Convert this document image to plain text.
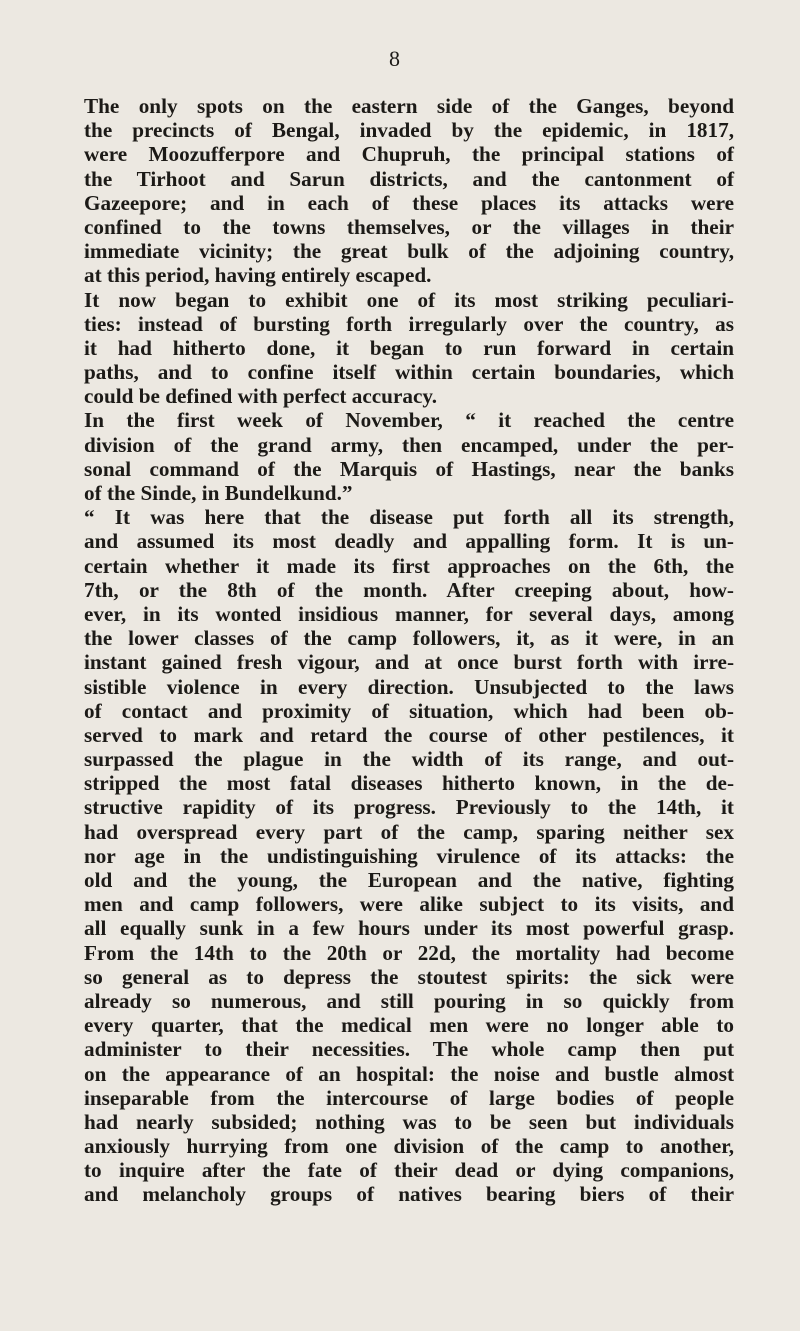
8
The only spots on the eastern side of the Ganges, beyond
the precincts of Bengal, invaded by the epidemic, in 1817,
were Moozufferpore and Chupruh, the principal stations of
the Tirhoot and Sarun districts, and the cantonment of
Gazeepore; and in each of these places its attacks were
confined to the towns themselves, or the villages in their
immediate vicinity; the great bulk of the adjoining country,
at this period, having entirely escaped.
It now began to exhibit one of its most striking peculiari-
ties: instead of bursting forth irregularly over the country, as
it had hitherto done, it began to run forward in certain
paths, and to confine itself within certain boundaries, which
could be defined with perfect accuracy.
In the first week of November, “ it reached the centre
division of the grand army, then encamped, under the per-
sonal command of the Marquis of Hastings, near the banks
of the Sinde, in Bundelkund.”
“ It was here that the disease put forth all its strength,
and assumed its most deadly and appalling form. It is un-
certain whether it made its first approaches on the 6th, the
7th, or the 8th of the month. After creeping about, how-
ever, in its wonted insidious manner, for several days, among
the lower classes of the camp followers, it, as it were, in an
instant gained fresh vigour, and at once burst forth with irre-
sistible violence in every direction. Unsubjected to the laws
of contact and proximity of situation, which had been ob-
served to mark and retard the course of other pestilences, it
surpassed the plague in the width of its range, and out-
stripped the most fatal diseases hitherto known, in the de-
structive rapidity of its progress. Previously to the 14th, it
had overspread every part of the camp, sparing neither sex
nor age in the undistinguishing virulence of its attacks: the
old and the young, the European and the native, fighting
men and camp followers, were alike subject to its visits, and
all equally sunk in a few hours under its most powerful grasp.
From the 14th to the 20th or 22d, the mortality had become
so general as to depress the stoutest spirits: the sick were
already so numerous, and still pouring in so quickly from
every quarter, that the medical men were no longer able to
administer to their necessities. The whole camp then put
on the appearance of an hospital: the noise and bustle almost
inseparable from the intercourse of large bodies of people
had nearly subsided; nothing was to be seen but individuals
anxiously hurrying from one division of the camp to another,
to inquire after the fate of their dead or dying companions,
and melancholy groups of natives bearing biers of their
